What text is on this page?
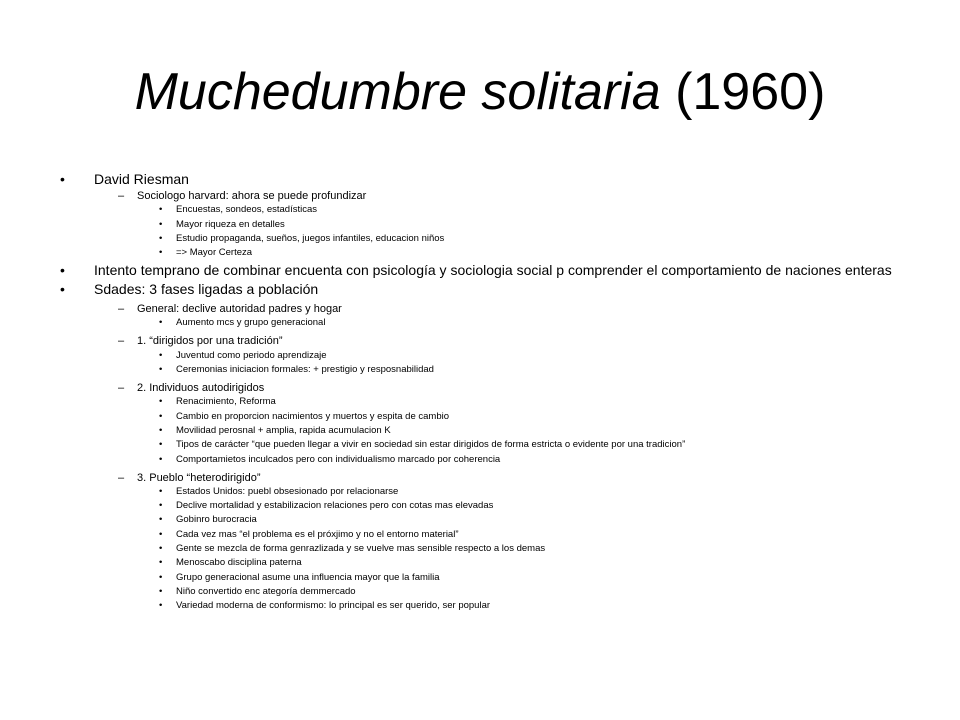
Muchedumbre solitaria (1960)
• David Riesman
– Sociologo harvard: ahora se puede profundizar
• Encuestas, sondeos, estadísticas
• Mayor riqueza en detalles
• Estudio propaganda, sueños, juegos infantiles, educacion niños
• => Mayor Certeza
• Intento temprano de combinar encuenta con psicología y sociologia social p comprender el comportamiento de naciones enteras
• Sdades: 3 fases ligadas a población
– General: declive autoridad padres y hogar
• Aumento mcs y grupo generacional
– 1. “dirigidos por una tradición”
• Juventud como periodo aprendizaje
• Ceremonias iniciacion formales: + prestigio y resposnabilidad
– 2. Individuos autodirigidos
• Renacimiento, Reforma
• Cambio en proporcion nacimientos y muertos y espita de cambio
• Movilidad perosnal + amplia, rapida acumulacion K
• Tipos de carácter “que pueden llegar a vivir en sociedad sin estar dirigidos de forma estricta o evidente por una tradicion”
• Comportamietos inculcados pero con individualismo marcado por coherencia
– 3. Pueblo “heterodirigido”
• Estados Unidos: puebl obsesionado por relacionarse
• Declive mortalidad y estabilizacion relaciones pero con cotas mas elevadas
• Gobinro burocracia
• Cada vez mas “el problema es el próxjimo y no el entorno material”
• Gente se mezcla de forma genrazlizada y se vuelve mas sensible respecto a los demas
• Menoscabo disciplina paterna
• Grupo generacional asume una influencia mayor que la familia
• Niño convertido enc ategoría demmercado
• Variedad moderna de conformismo: lo principal es ser querido, ser popular
